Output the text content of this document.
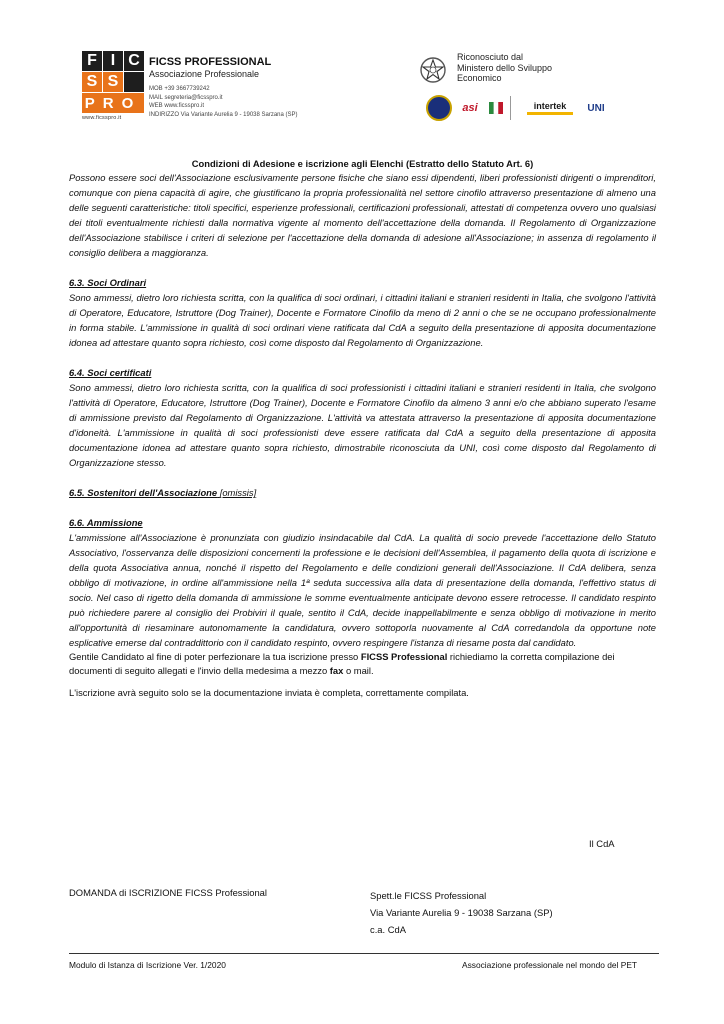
F I C
S S
PRO
www.ficsspro.it
FICSS PROFESSIONAL
Associazione Professionale
MOB +39 3667739242
MAIL segreteria@ficsspro.it
WEB www.ficsspro.it
INDIRIZZO Via Variante Aurelia 9 - 19038 Sarzana (SP)
Riconosciuto dal
Ministero dello Sviluppo
Economico
asi	intertek	UNI

Condizioni di Adesione e iscrizione agli Elenchi (Estratto dello Statuto Art. 6)

Possono essere soci dell'Associazione esclusivamente persone fisiche che siano essi dipendenti, liberi professionisti dirigenti o imprenditori, comunque con piena capacità di agire, che giustificano la propria professionalità nel settore cinofilo attraverso presentazione di almeno una delle seguenti caratteristiche: titoli specifici, esperienze professionali, certificazioni professionali, attestati di competenza ovvero uno qualsiasi dei titoli eventualmente richiesti dalla normativa vigente al momento dell'accettazione della domanda. Il Regolamento di Organizzazione dell'Associazione stabilisce i criteri di selezione per l'accettazione della domanda di adesione all'Associazione; in assenza di regolamento il consiglio delibera a maggioranza.

6.3. Soci Ordinari

Sono ammessi, dietro loro richiesta scritta, con la qualifica di soci ordinari, i cittadini italiani e stranieri residenti in Italia, che svolgono l'attività di Operatore, Educatore, Istruttore (Dog Trainer), Docente e Formatore Cinofilo da meno di 2 anni o che se ne occupano professionalmente in forma stabile. L'ammissione in qualità di soci ordinari viene ratificata dal CdA a seguito della presentazione di apposita documentazione idonea ad attestare quanto sopra richiesto, così come disposto dal Regolamento di Organizzazione.

6.4. Soci certificati

Sono ammessi, dietro loro richiesta scritta, con la qualifica di soci professionisti i cittadini italiani e stranieri residenti in Italia, che svolgono l'attività di Operatore, Educatore, Istruttore (Dog Trainer), Docente e Formatore Cinofilo da almeno 3 anni e/o che abbiano superato l'esame di ammissione previsto dal Regolamento di Organizzazione. L'attività va attestata attraverso la presentazione di apposita documentazione d'idoneità. L'ammissione in qualità di soci professionisti deve essere ratificata dal CdA a seguito della presentazione di apposita documentazione idonea ad attestare quanto sopra richiesto, dimostrabile riconosciuta da UNI, così come disposto dal Regolamento di Organizzazione stesso.

6.5. Sostenitori dell'Associazione [omissis]

6.6. Ammissione

L'ammissione all'Associazione è pronunziata con giudizio insindacabile dal CdA. La qualità di socio prevede l'accettazione dello Statuto Associativo, l'osservanza delle disposizioni concernenti la professione e le decisioni dell'Assemblea, il pagamento della quota di iscrizione e della quota Associativa annua, nonché il rispetto del Regolamento e delle condizioni generali dell'Associazione. Il CdA delibera, senza obbligo di motivazione, in ordine all'ammissione nella 1ª seduta successiva alla data di presentazione della domanda, l'effettivo status di socio. Nel caso di rigetto della domanda di ammissione le somme eventualmente anticipate devono essere retrocesse. Il candidato respinto può richiedere parere al consiglio dei Probiviri il quale, sentito il CdA, decide inappellabilmente e senza obbligo di motivazione in merito all'opportunità di riesaminare autonomamente la candidatura, ovvero sottoporla nuovamente al CdA corredandola da opportune note esplicative emerse dal contraddittorio con il candidato respinto, ovvero respingere l'istanza di riesame posta dal candidato.

Gentile Candidato al fine di poter perfezionare la tua iscrizione presso FICSS Professional richiediamo la corretta compilazione dei documenti di seguito allegati e l'invio della medesima a mezzo fax o mail.

L'iscrizione avrà seguito solo se la documentazione inviata è completa, correttamente compilata.

Il CdA
DOMANDA di ISCRIZIONE FICSS Professional	Spett.le FICSS Professional
Via Variante Aurelia 9 - 19038 Sarzana (SP)
c.a. CdA
Modulo di Istanza di Iscrizione Ver. 1/2020	Associazione professionale nel mondo del PET
